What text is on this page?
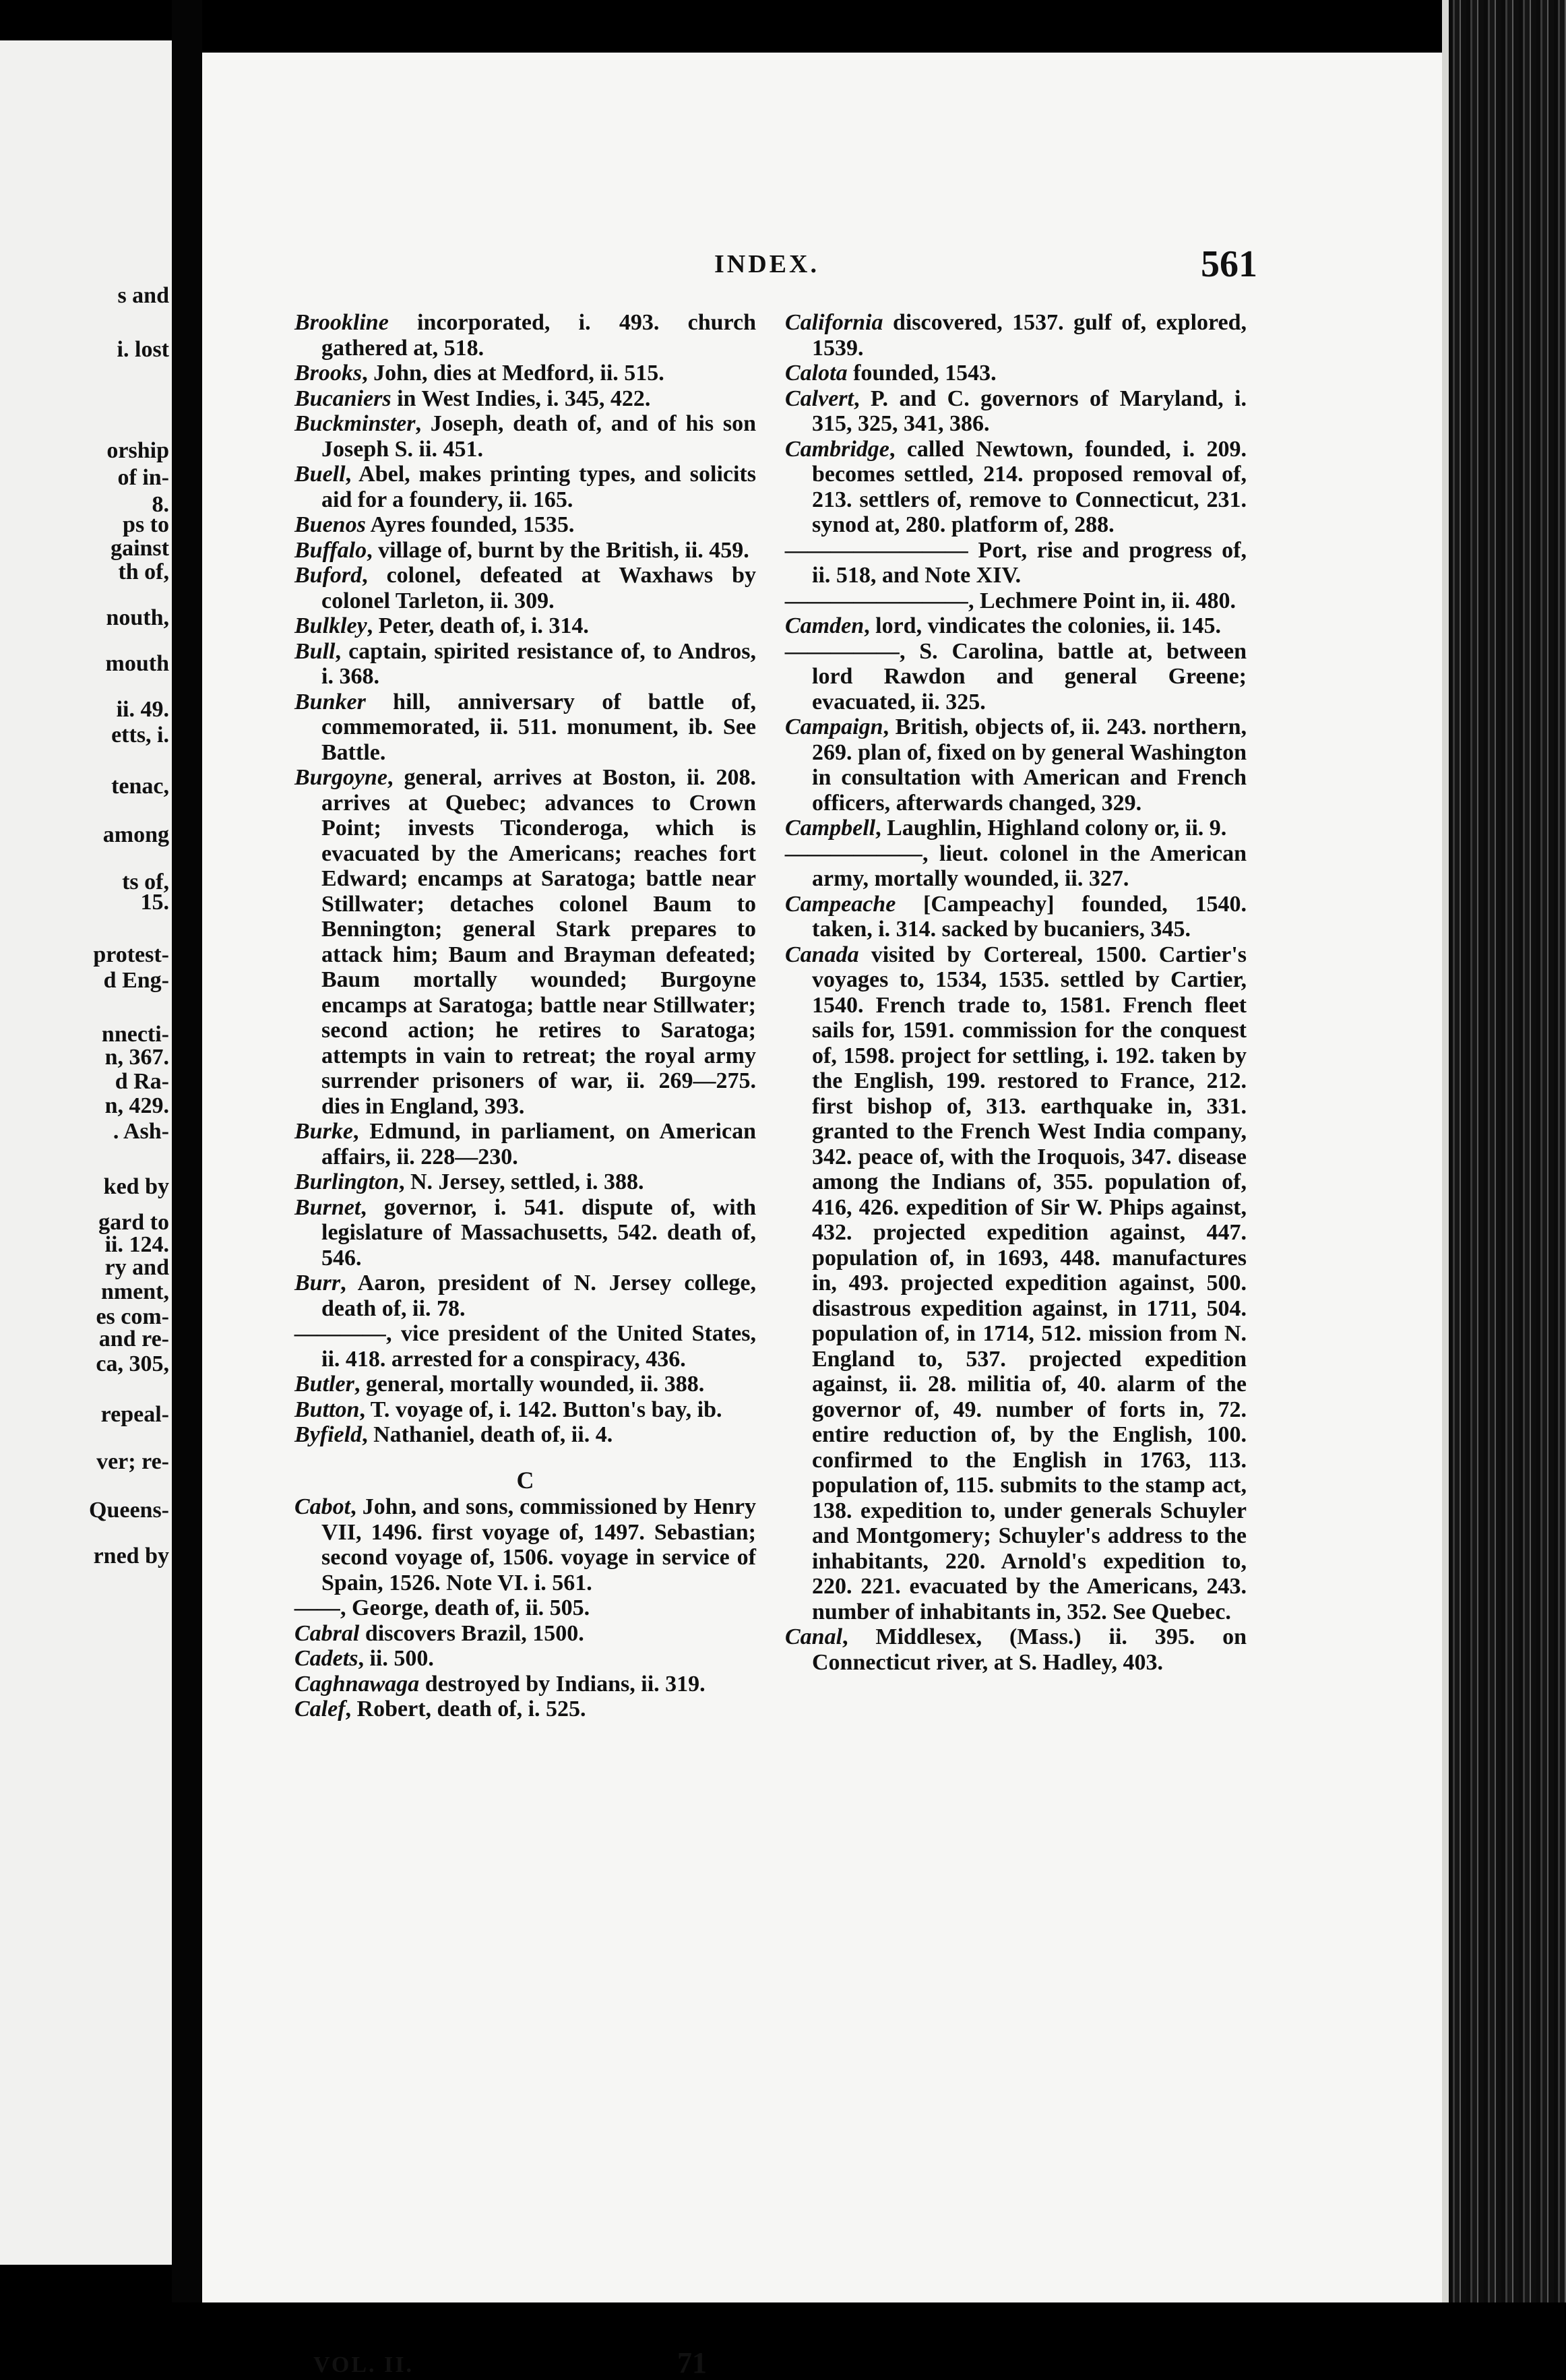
s and
i. lost
orship
of in-
8.
ps to
gainst
th of,
nouth,
mouth
ii. 49.
etts, i.
tenac,
among
ts of,
15.
protest-
d Eng-
nnecti-
n, 367.
d Ra-
n, 429.
. Ash-
ked by
gard to
ii. 124.
ry and
nment,
es com-
and re-
ca, 305,
repeal-
ver; re-
Queens-
rned by
INDEX.	561

Brookline incorporated, i. 493. church gathered at, 518.

Brooks, John, dies at Medford, ii. 515.

Bucaniers in West Indies, i. 345, 422.

Buckminster, Joseph, death of, and of his son Joseph S. ii. 451.

Buell, Abel, makes printing types, and solicits aid for a foundery, ii. 165.

Buenos Ayres founded, 1535.

Buffalo, village of, burnt by the British, ii. 459.

Buford, colonel, defeated at Waxhaws by colonel Tarleton, ii. 309.

Bulkley, Peter, death of, i. 314.

Bull, captain, spirited resistance of, to Andros, i. 368.

Bunker hill, anniversary of battle of, commemorated, ii. 511. monument, ib. See Battle.

Burgoyne, general, arrives at Boston, ii. 208. arrives at Quebec; advances to Crown Point; invests Ticonderoga, which is evacuated by the Americans; reaches fort Edward; encamps at Saratoga; battle near Stillwater; detaches colonel Baum to Bennington; general Stark prepares to attack him; Baum and Brayman defeated; Baum mortally wounded; Burgoyne encamps at Saratoga; battle near Stillwater; second action; he retires to Saratoga; attempts in vain to retreat; the royal army surrender prisoners of war, ii. 269—275. dies in England, 393.

Burke, Edmund, in parliament, on American affairs, ii. 228—230.

Burlington, N. Jersey, settled, i. 388.

Burnet, governor, i. 541. dispute of, with legislature of Massachusetts, 542. death of, 546.

Burr, Aaron, president of N. Jersey college, death of, ii. 78.

————, vice president of the United States, ii. 418. arrested for a conspiracy, 436.

Butler, general, mortally wounded, ii. 388.

Button, T. voyage of, i. 142. Button's bay, ib.

Byfield, Nathaniel, death of, ii. 4.

C

Cabot, John, and sons, commissioned by Henry VII, 1496. first voyage of, 1497. Sebastian; second voyage of, 1506. voyage in service of Spain, 1526. Note VI. i. 561.

——, George, death of, ii. 505.

Cabral discovers Brazil, 1500.

Cadets, ii. 500.

Caghnawaga destroyed by Indians, ii. 319.

Calef, Robert, death of, i. 525.

California discovered, 1537. gulf of, explored, 1539.

Calota founded, 1543.

Calvert, P. and C. governors of Maryland, i. 315, 325, 341, 386.

Cambridge, called Newtown, founded, i. 209. becomes settled, 214. proposed removal of, 213. settlers of, remove to Connecticut, 231. synod at, 280. platform of, 288.

———————— Port, rise and progress of, ii. 518, and Note XIV.

————————, Lechmere Point in, ii. 480.

Camden, lord, vindicates the colonies, ii. 145.

—————, S. Carolina, battle at, between lord Rawdon and general Greene; evacuated, ii. 325.

Campaign, British, objects of, ii. 243. northern, 269. plan of, fixed on by general Washington in consultation with American and French officers, afterwards changed, 329.

Campbell, Laughlin, Highland colony or, ii. 9.

——————, lieut. colonel in the American army, mortally wounded, ii. 327.

Campeache [Campeachy] founded, 1540. taken, i. 314. sacked by bucaniers, 345.

Canada visited by Cortereal, 1500. Cartier's voyages to, 1534, 1535. settled by Cartier, 1540. French trade to, 1581. French fleet sails for, 1591. commission for the conquest of, 1598. project for settling, i. 192. taken by the English, 199. restored to France, 212. first bishop of, 313. earthquake in, 331. granted to the French West India company, 342. peace of, with the Iroquois, 347. disease among the Indians of, 355. population of, 416, 426. expedition of Sir W. Phips against, 432. projected expedition against, 447. population of, in 1693, 448. manufactures in, 493. projected expedition against, 500. disastrous expedition against, in 1711, 504. population of, in 1714, 512. mission from N. England to, 537. projected expedition against, ii. 28. militia of, 40. alarm of the governor of, 49. number of forts in, 72. entire reduction of, by the English, 100. confirmed to the English in 1763, 113. population of, 115. submits to the stamp act, 138. expedition to, under generals Schuyler and Montgomery; Schuyler's address to the inhabitants, 220. Arnold's expedition to, 220. 221. evacuated by the Americans, 243. number of inhabitants in, 352. See Quebec.

Canal, Middlesex, (Mass.) ii. 395. on Connecticut river, at S. Hadley, 403.

VOL. II.	71
